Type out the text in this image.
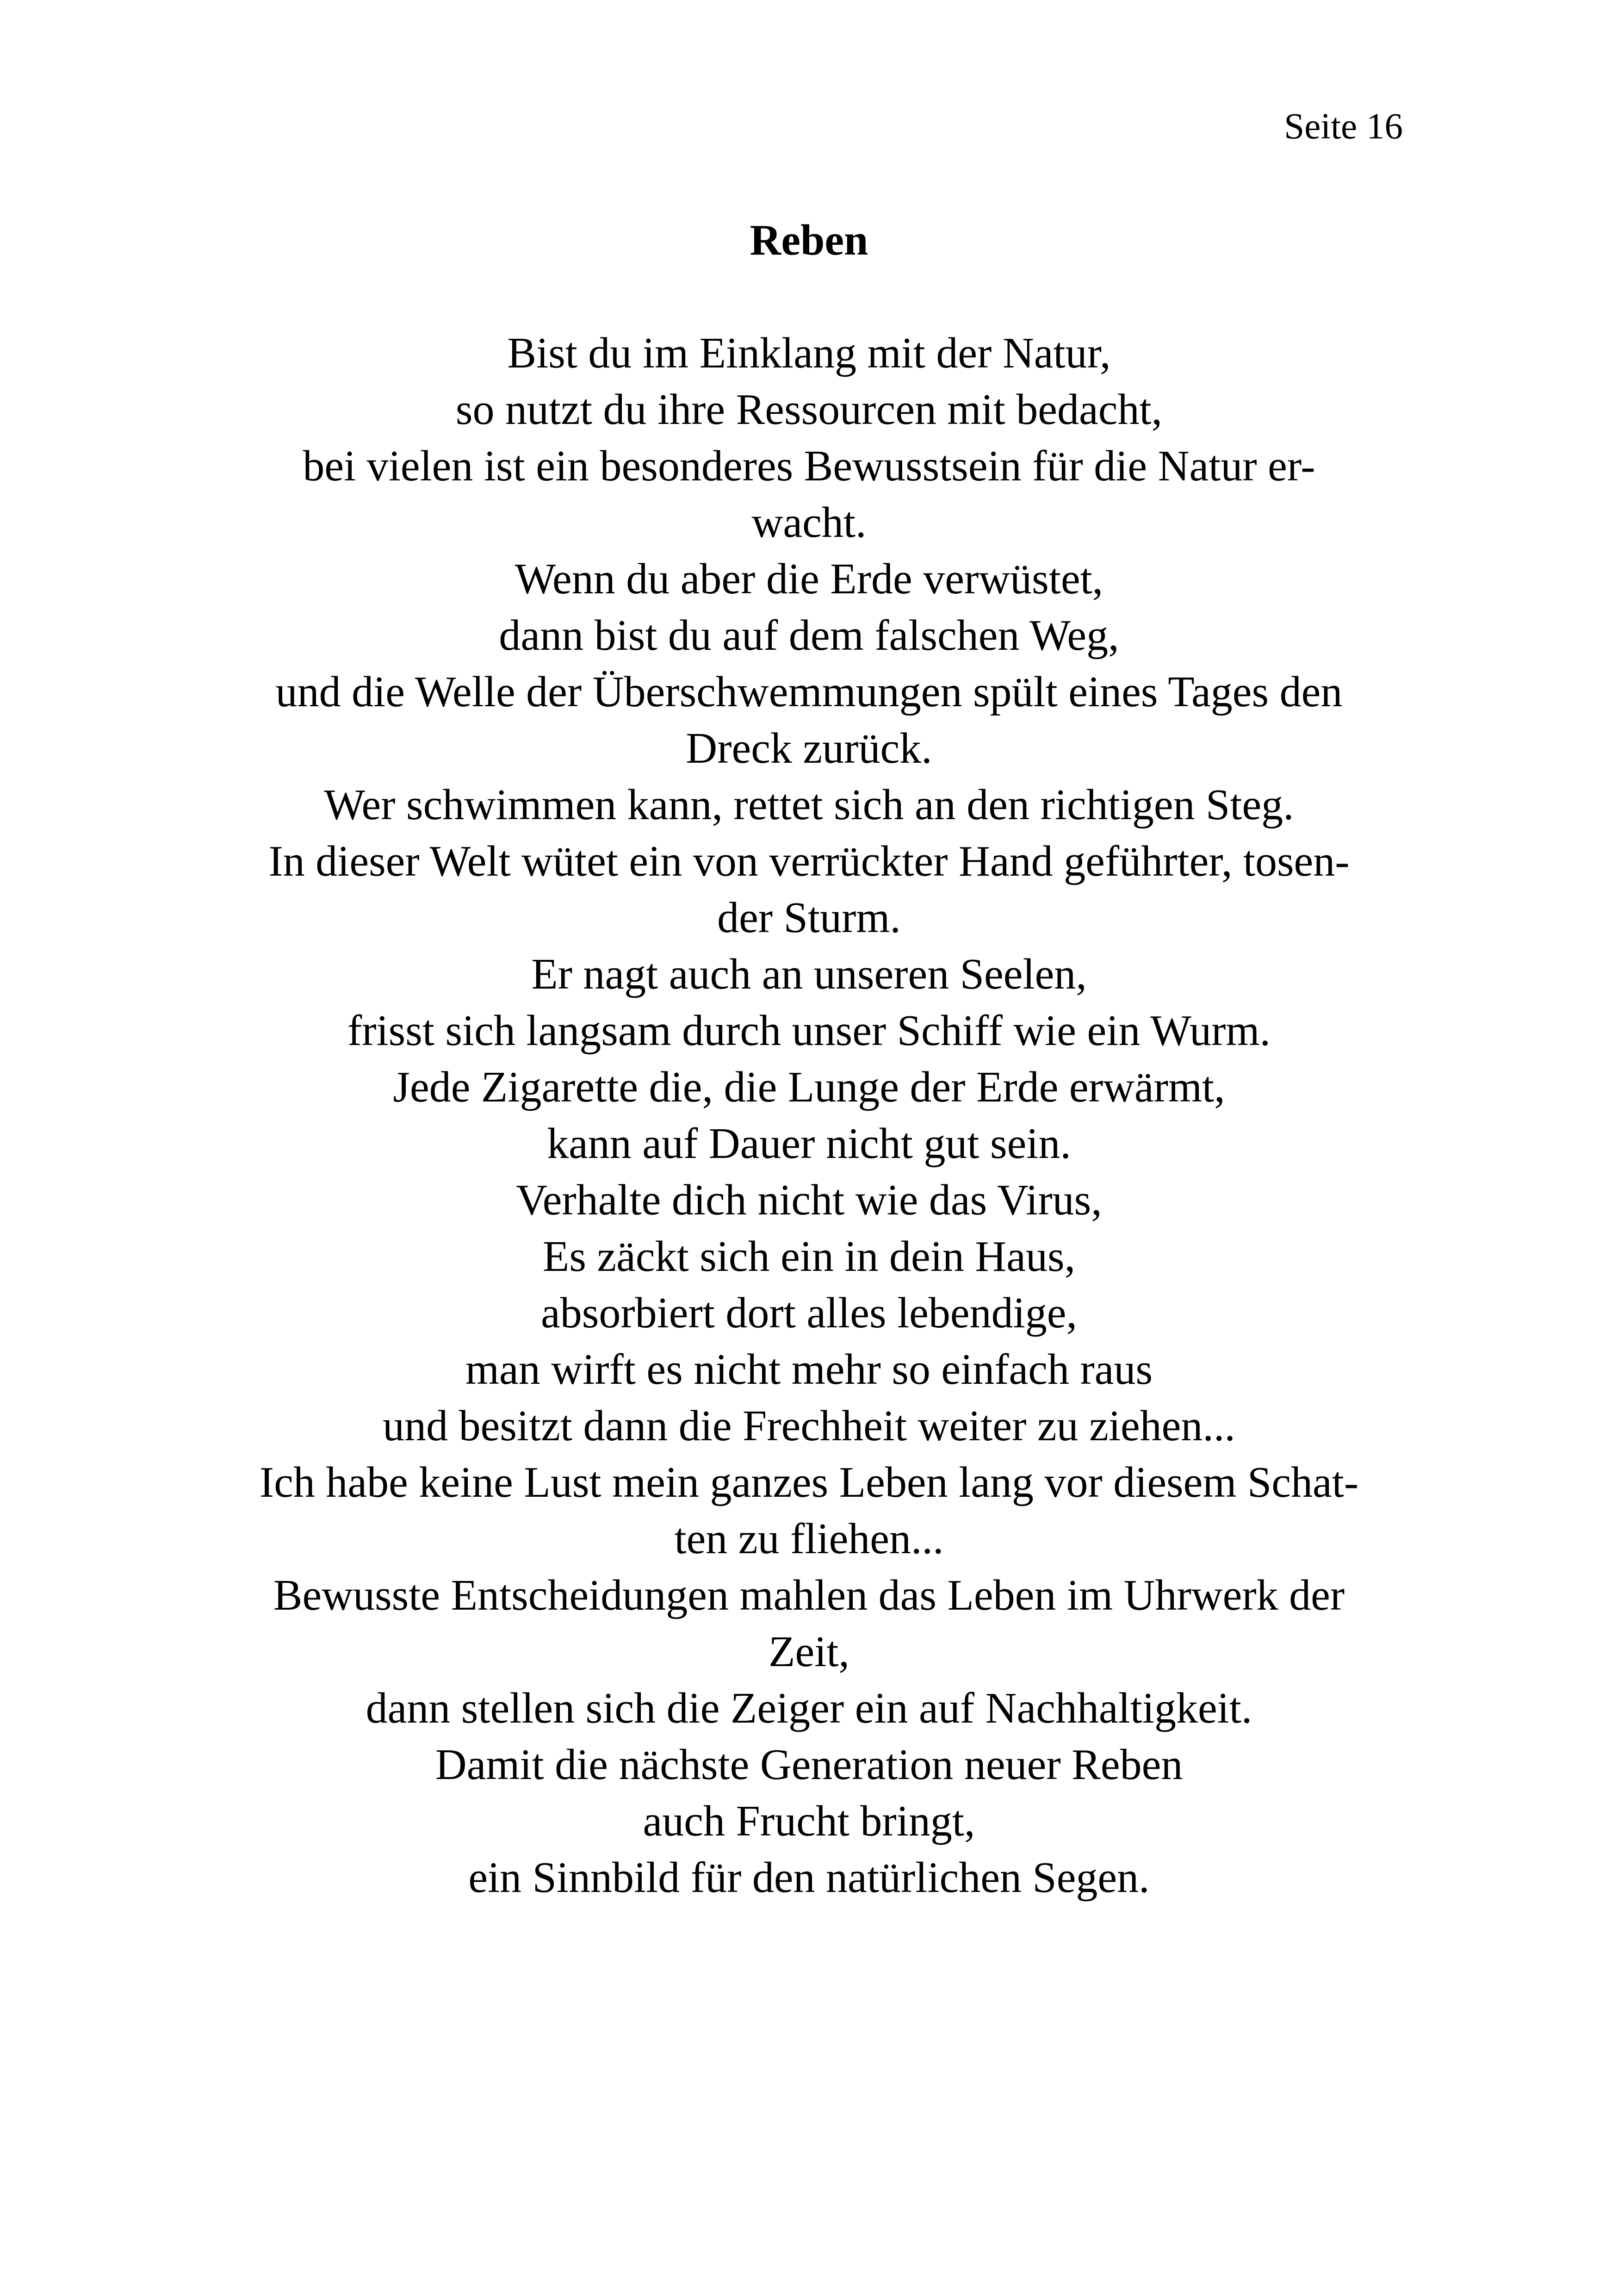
Seite 16
Reben
Bist du im Einklang mit der Natur,
so nutzt du ihre Ressourcen mit bedacht,
bei vielen ist ein besonderes Bewusstsein für die Natur er-
wacht.
Wenn du aber die Erde verwüstet,
dann bist du auf dem falschen Weg,
und die Welle der Überschwemmungen spült eines Tages den
Dreck zurück.
Wer schwimmen kann, rettet sich an den richtigen Steg.
In dieser Welt wütet ein von verrückter Hand geführter, tosen-
der Sturm.
Er nagt auch an unseren Seelen,
frisst sich langsam durch unser Schiff wie ein Wurm.
Jede Zigarette die, die Lunge der Erde erwärmt,
kann auf Dauer nicht gut sein.
Verhalte dich nicht wie das Virus,
Es zäckt sich ein in dein Haus,
absorbiert dort alles lebendige,
man wirft es nicht mehr so einfach raus
und besitzt dann die Frechheit weiter zu ziehen...
Ich habe keine Lust mein ganzes Leben lang vor diesem Schat-
ten zu fliehen...
Bewusste Entscheidungen mahlen das Leben im Uhrwerk der
Zeit,
dann stellen sich die Zeiger ein auf Nachhaltigkeit.
Damit die nächste Generation neuer Reben
auch Frucht bringt,
ein Sinnbild für den natürlichen Segen.
